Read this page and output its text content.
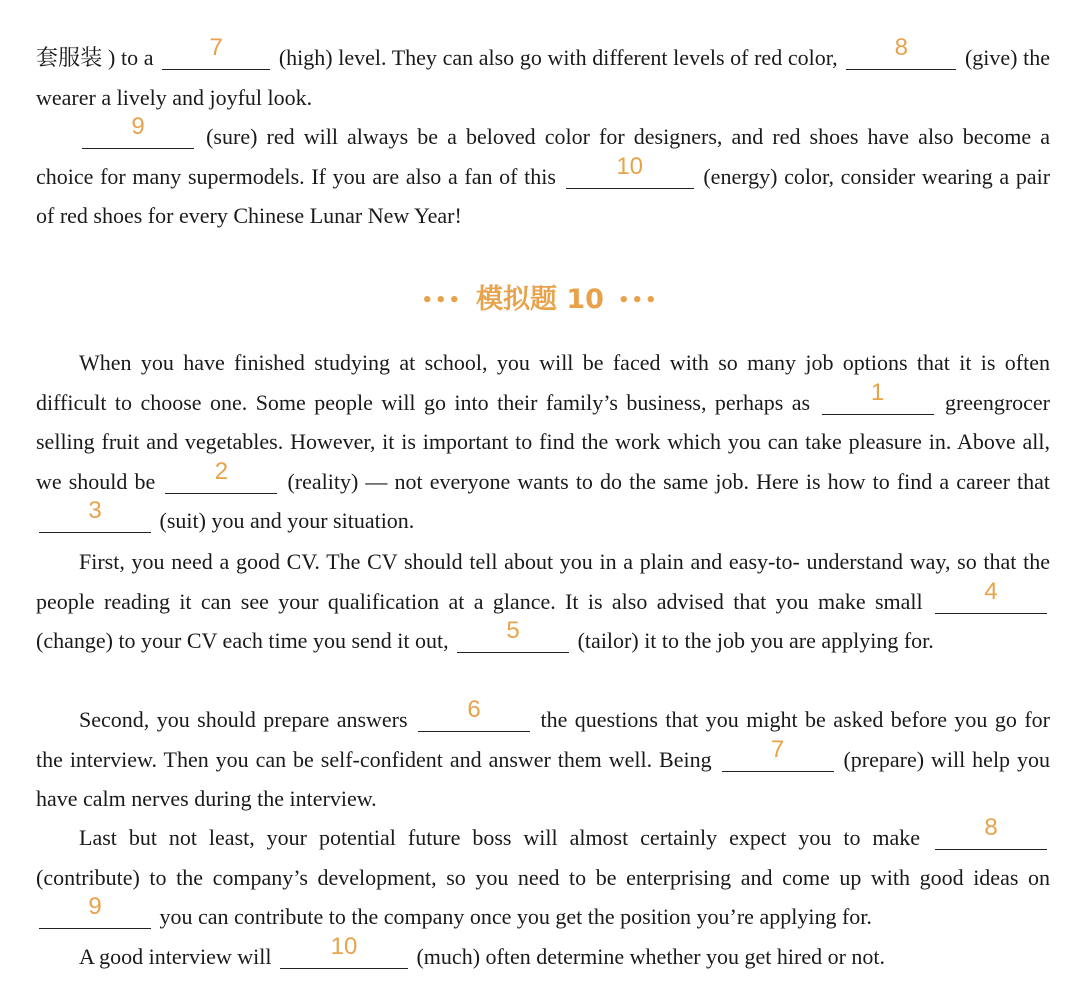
套服装 ) to a 7	(high) level. They can also go with different levels of red color, 8	(give) the wearer a lively and joyful look.

9	(sure) red will always be a beloved color for designers, and red shoes have also become a choice for many supermodels. If you are also a fan of this	10	(energy) color, consider wearing a pair of red shoes for every Chinese Lunar New Year!

••• 模拟题 10 •••

When you have finished studying at school, you will be faced with so many job options that it is often difficult to choose one. Some people will go into their family’s business, perhaps as	1	greengrocer selling fruit and vegetables. However, it is important to find the work which you can take pleasure in. Above all, we should be 2	(reality) — not everyone wants to do the same job. Here is how to find a career that 3	(suit) you and your situation.

First, you need a good CV. The CV should tell about you in a plain and easy-to- understand way, so that the people reading it can see your qualification at a glance. It is also advised that you make small	4 (change) to your CV each time you send it out, 5	(tailor) it to the job you are applying for.

Second, you should prepare answers 6	the questions that you might be asked before you go for the interview. Then you can be self-confident and answer them well. Being 7	(prepare) will help you have calm nerves during the interview.

Last but not least, your potential future boss will almost certainly expect you to make	8 (contribute) to the company’s development, so you need to be enterprising and come up with good ideas on 9	you can contribute to the company once you get the position you’re applying for.

A good interview will 10	(much) often determine whether you get hired or not.
